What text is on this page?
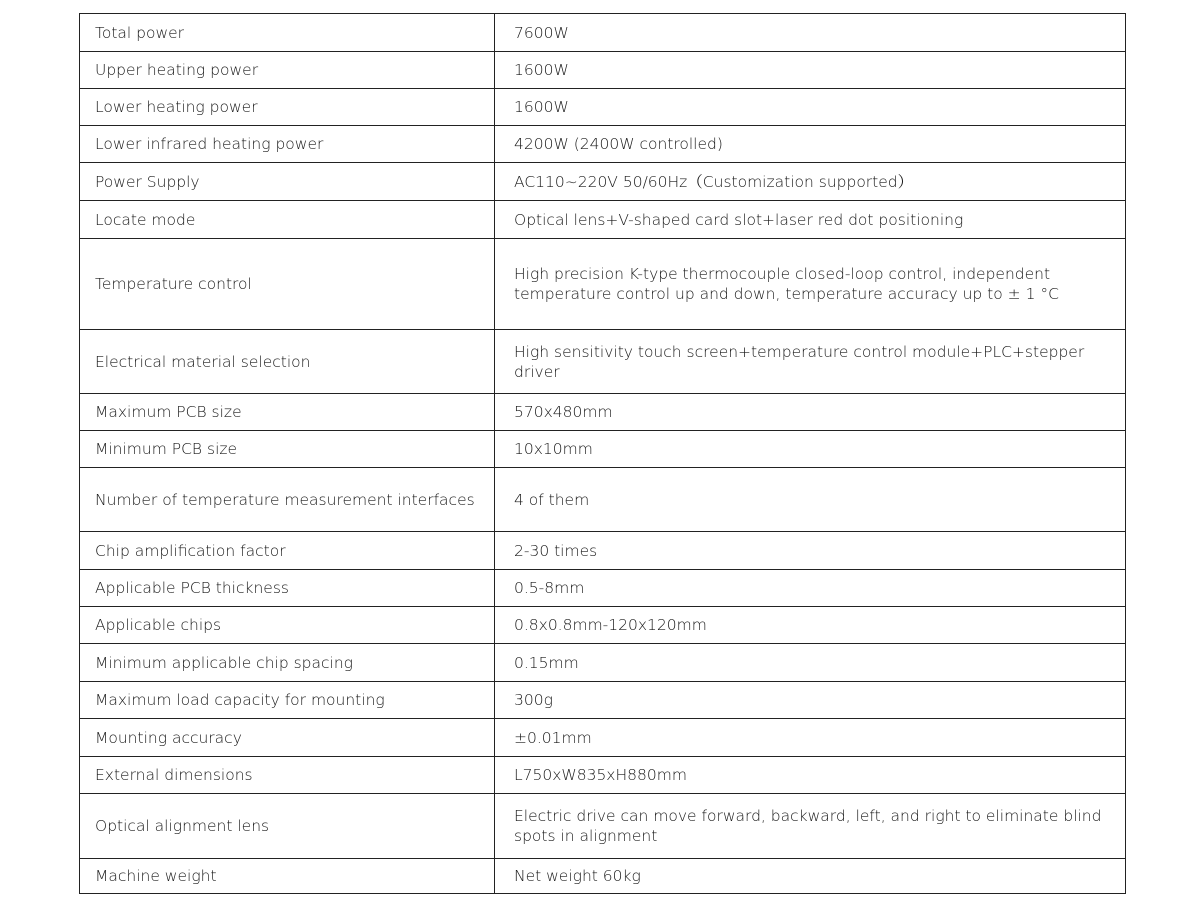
Total power	7600W
Upper heating power	1600W
Lower heating power	1600W
Lower infrared heating power	4200W (2400W controlled)
Power Supply	AC110~220V 50/60Hz（Customization supported）
Locate mode	Optical lens+V-shaped card slot+laser red dot positioning
Temperature control	High precision K-type thermocouple closed-loop control, independent temperature control up and down, temperature accuracy up to ± 1 °C
Electrical material selection	High sensitivity touch screen+temperature control module+PLC+stepper driver
Maximum PCB size	570x480mm
Minimum PCB size	10x10mm
Number of temperature measurement interfaces	4 of them
Chip amplification factor	2-30 times
Applicable PCB thickness	0.5-8mm
Applicable chips	0.8x0.8mm-120x120mm
Minimum applicable chip spacing	0.15mm
Maximum load capacity for mounting	300g
Mounting accuracy	±0.01mm
External dimensions	L750xW835xH880mm
Optical alignment lens	Electric drive can move forward, backward, left, and right to eliminate blind spots in alignment
Machine weight	Net weight 60kg
